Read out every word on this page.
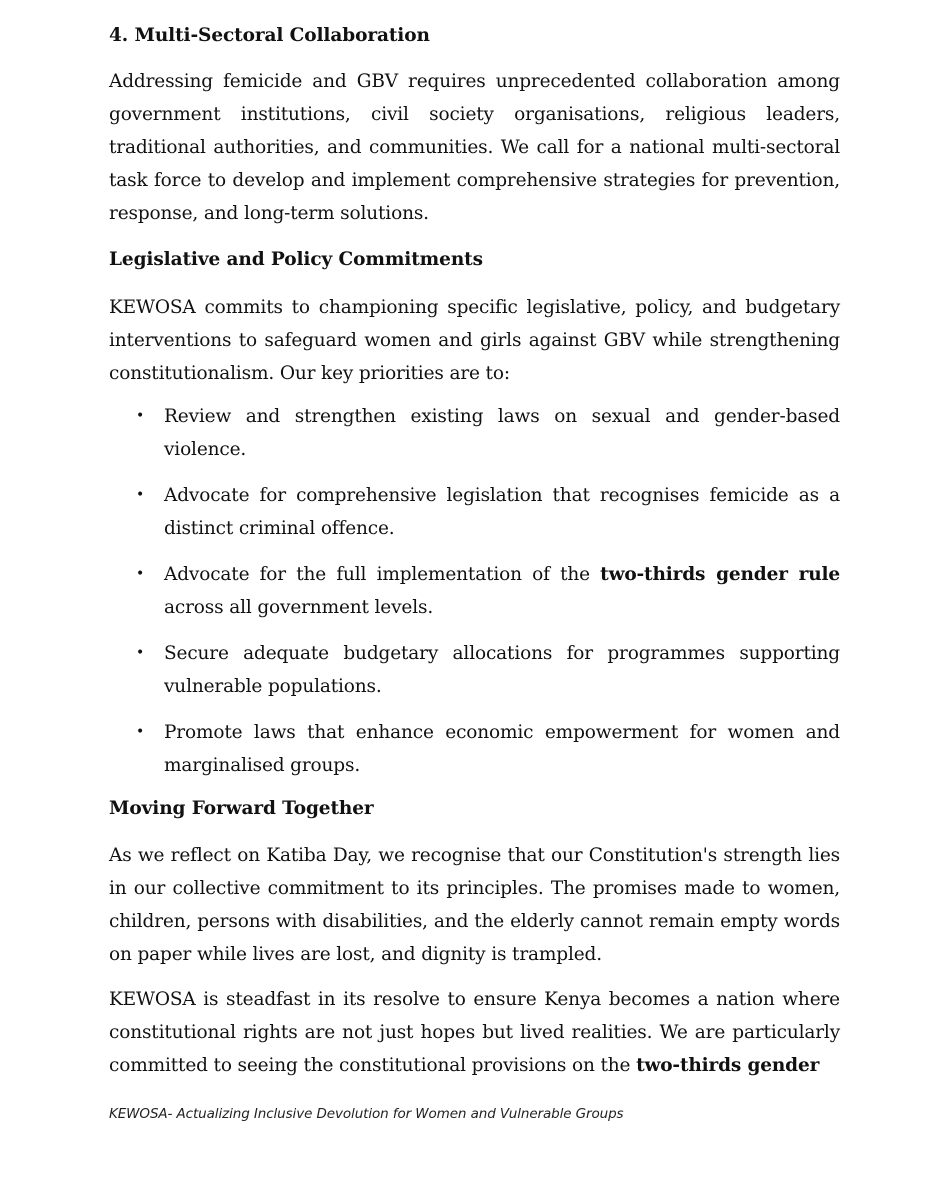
4. Multi-Sectoral Collaboration

Addressing femicide and GBV requires unprecedented collaboration among government institutions, civil society organisations, religious leaders, traditional authorities, and communities. We call for a national multi-sectoral task force to develop and implement comprehensive strategies for prevention, response, and long-term solutions.

Legislative and Policy Commitments

KEWOSA commits to championing specific legislative, policy, and budgetary interventions to safeguard women and girls against GBV while strengthening constitutionalism. Our key priorities are to:

• Review and strengthen existing laws on sexual and gender-based violence.
• Advocate for comprehensive legislation that recognises femicide as a distinct criminal offence.
• Advocate for the full implementation of the two-thirds gender rule across all government levels.
• Secure adequate budgetary allocations for programmes supporting vulnerable populations.
• Promote laws that enhance economic empowerment for women and marginalised groups.
Moving Forward Together

As we reflect on Katiba Day, we recognise that our Constitution's strength lies in our collective commitment to its principles. The promises made to women, children, persons with disabilities, and the elderly cannot remain empty words on paper while lives are lost, and dignity is trampled.

KEWOSA is steadfast in its resolve to ensure Kenya becomes a nation where constitutional rights are not just hopes but lived realities. We are particularly committed to seeing the constitutional provisions on the two-thirds gender

KEWOSA- Actualizing Inclusive Devolution for Women and Vulnerable Groups
